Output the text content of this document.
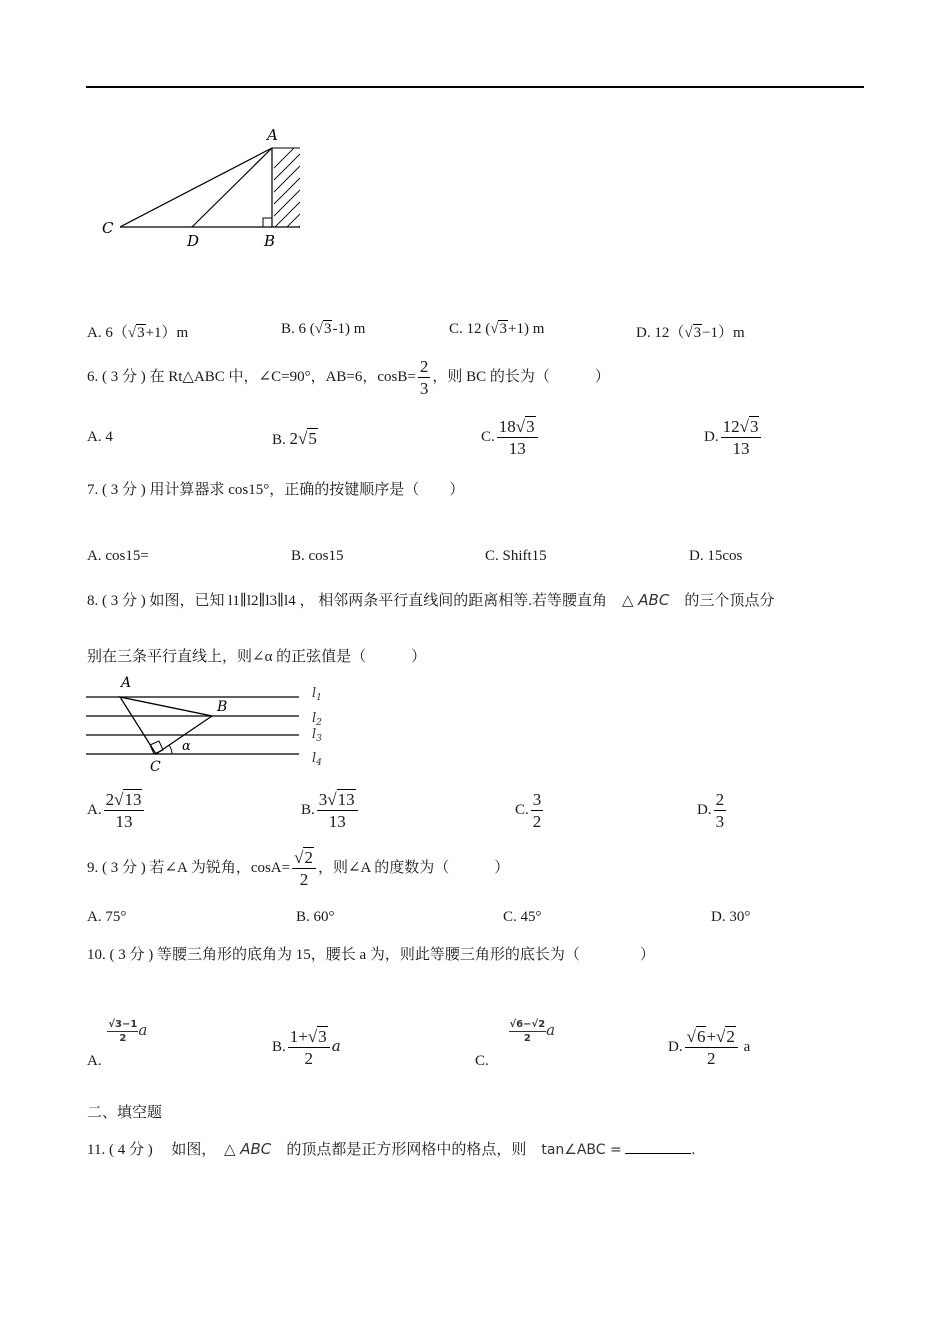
A
C
D	B
A. 6（√3+1）m	B. 6 (√3-1) m	C. 12 (√3+1) m	D. 12（√3−1）m
6. ( 3 分 ) 在 Rt△ABC 中，∠C=90°，AB=6，$\cos B= \frac{2}{3}$ ，则 BC 的长为（　　　）
A. 4	B. 2√5	C. $\frac{18√3}{13}$	D. $\frac{12√3}{13}$
7. ( 3 分 ) 用计算器求 cos15°，正确的按键顺序是（　　）
A. cos15=	B. cos15	C. Shift15	D. 15cos
8. ( 3 分 ) 如图，已知 l1∥l2∥l3∥l4 ， 相邻两条平行直线间的距离相等.若等腰直角　 △ ABC　 的三个顶点分
别在三条平行直线上，则∠α 的正弦值是（　　　）
A
B
C
α
$l_1$
$l_2$
$l_3$
$l_4$
A. $\frac{2√13}{13}$	B. $\frac{3√13}{13}$	C. $\frac{3}{2}$	D. $\frac{2}{3}$
9. ( 3 分 ) 若∠A 为锐角，$\cos A= \frac{√2}{2}$ ，则∠A 的度数为（　　　）
A. 75°	B. 60°	C. 45°	D. 30°
10. ( 3 分 ) 等腰三角形的底角为 15，腰长 a 为，则此等腰三角形的底长为（　　　　）
A.
$\frac{√3-1}{2}$ a
B. $\frac{1+√3}{2}$ a
C.
$\frac{√6-√2}{2}$ a
D. $\frac{√6+√2}{2}$ a
二、填空题
11. ( 4 分 )　 如图，　 △ ABC　 的顶点都是正方形网格中的格点，则　 tan∠ABC =	.
